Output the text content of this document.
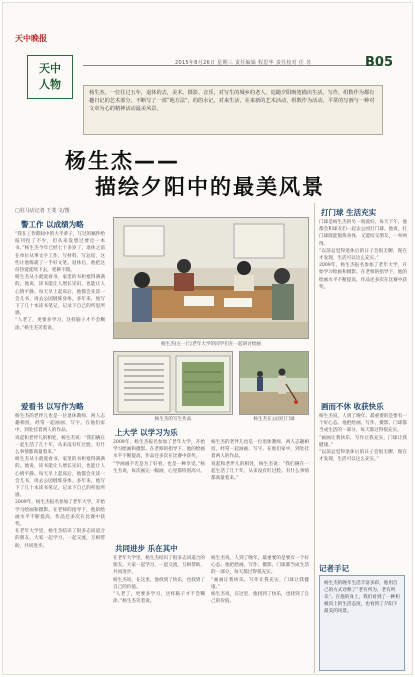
天中晚报
天中
人物
2015年8月26日 星期三 责任编辑 程思华 责任校对 任 苏	B05
杨生杰，一位往过五年，退休的去，美术、摄影、音乐，对写生的城乡的老人，追随夕阳晚笔描出生活。写作，组数作为都有趣日记的艺术部分，不断写了一部“地方法”，的的水记，对来生活，在来新的艺术活动，组数作为活动。平常的写画与一种对文章为心的精神活动最美风景。
杨生杰——
描绘夕阳中的最美风景
□驻马店记者 王斐 文/图
警工作 以成绩为略

“我在工作期间中的大半辈子，写过的稿件给报刊投了不少，但从来没想过要出一本书。”杨生杰今年已经七十多岁了，退休之前在单位从事文字工作，写材料、写总结，这些让他练就了一手好文笔。退休后，他把这份热爱延续下去，笔耕不辍。

杨生杰从小就爱看书，家里的书柜塞得满满的。他说，读书能让人增长见识，也能让人心情平静。每天早上起床后，他都会先读一会儿书，再去公园锻炼身体。多年来，他写下了几十本读书笔记，记录下自己的所思所感。

“人老了，更要多学习，这样脑子才不会糊涂。”杨生杰笑着说。

爱看书 以写作为略

杨生杰的老伴儿也是一位退休教师，两人志趣相投，经常一起画画、写字。在他们家中，到处挂着两人的作品。

说起和老伴儿的相处，杨生杰说：“我们俩在一起生活了几十年，从来没有红过脸。有什么事情都商量着来。”

杨生杰从小就爱看书，家里的书柜塞得满满的。他说，读书能让人增长见识，也能让人心情平静。每天早上起床后，他都会先读一会儿书，再去公园锻炼身体。多年来，他写下了几十本读书笔记，记录下自己的所思所感。

2009年，杨生杰报名参加了老年大学，开始学习绘画和摄影。在老师的指导下，他的绘画水平不断提高，作品还多次在比赛中获奖。

在老年大学里，杨生杰结识了很多志同道合的朋友。大家一起学习、一起交流，互相帮助，共同进步。

杨生杰(左一)与老年大学的同学们在一起研讨绘画
杨生杰的写生作品	杨生杰在公园打门球
上大学 以学习为乐

2009年，杨生杰报名参加了老年大学，开始学习绘画和摄影。在老师的指导下，他的绘画水平不断提高，作品还多次在比赛中获奖。

“学画画不光是为了好看，也是一种享受。”杨生杰说，每次画完一幅画，心里都特别高兴。

杨生杰的老伴儿也是一位退休教师，两人志趣相投，经常一起画画、写字。在他们家中，到处挂着两人的作品。

说起和老伴儿的相处，杨生杰说：“我们俩在一起生活了几十年，从来没有红过脸。有什么事情都商量着来。”

共同进步 乐在其中

在老年大学里，杨生杰结识了很多志同道合的朋友。大家一起学习、一起交流，互相帮助，共同进步。

杨生杰说，在这里，他找到了快乐，也找到了自己的价值。

“人老了，更要多学习，这样脑子才不会糊涂。”杨生杰笑着说。

杨生杰说，人到了晚年，最重要的是要有一个好心态。他把绘画、写作、摄影、门球都当成生活的一部分，每天都过得很充实。

“画画让我快乐，写作让我充实，门球让我健康。”

杨生杰说，在这里，他找到了快乐，也找到了自己的价值。

打门球 生活充实

门球是杨生杰的另一项爱好。每天下午，他都会和球友们一起去公园打门球。他说，打门球既能锻炼身体，又能结交朋友，一举两得。

“以前总觉得退休后的日子会很无聊，现在才发现，生活可以这么充实。”

2009年，杨生杰报名参加了老年大学，开始学习绘画和摄影。在老师的指导下，他的绘画水平不断提高，作品还多次在比赛中获奖。

画而不休 收获快乐

杨生杰说，人到了晚年，最重要的是要有一个好心态。他把绘画、写作、摄影、门球都当成生活的一部分，每天都过得很充实。

“画画让我快乐，写作让我充实，门球让我健康。”

“以前总觉得退休后的日子会很无聊，现在才发现，生活可以这么充实。”

记者手记
杨生杰的晚年生活丰富多彩，他用自己的方式诠释了“老有所为，老有所乐”。在他的身上，我们看到了一种积极向上的生活态度，也看到了夕阳下最美的风景。
